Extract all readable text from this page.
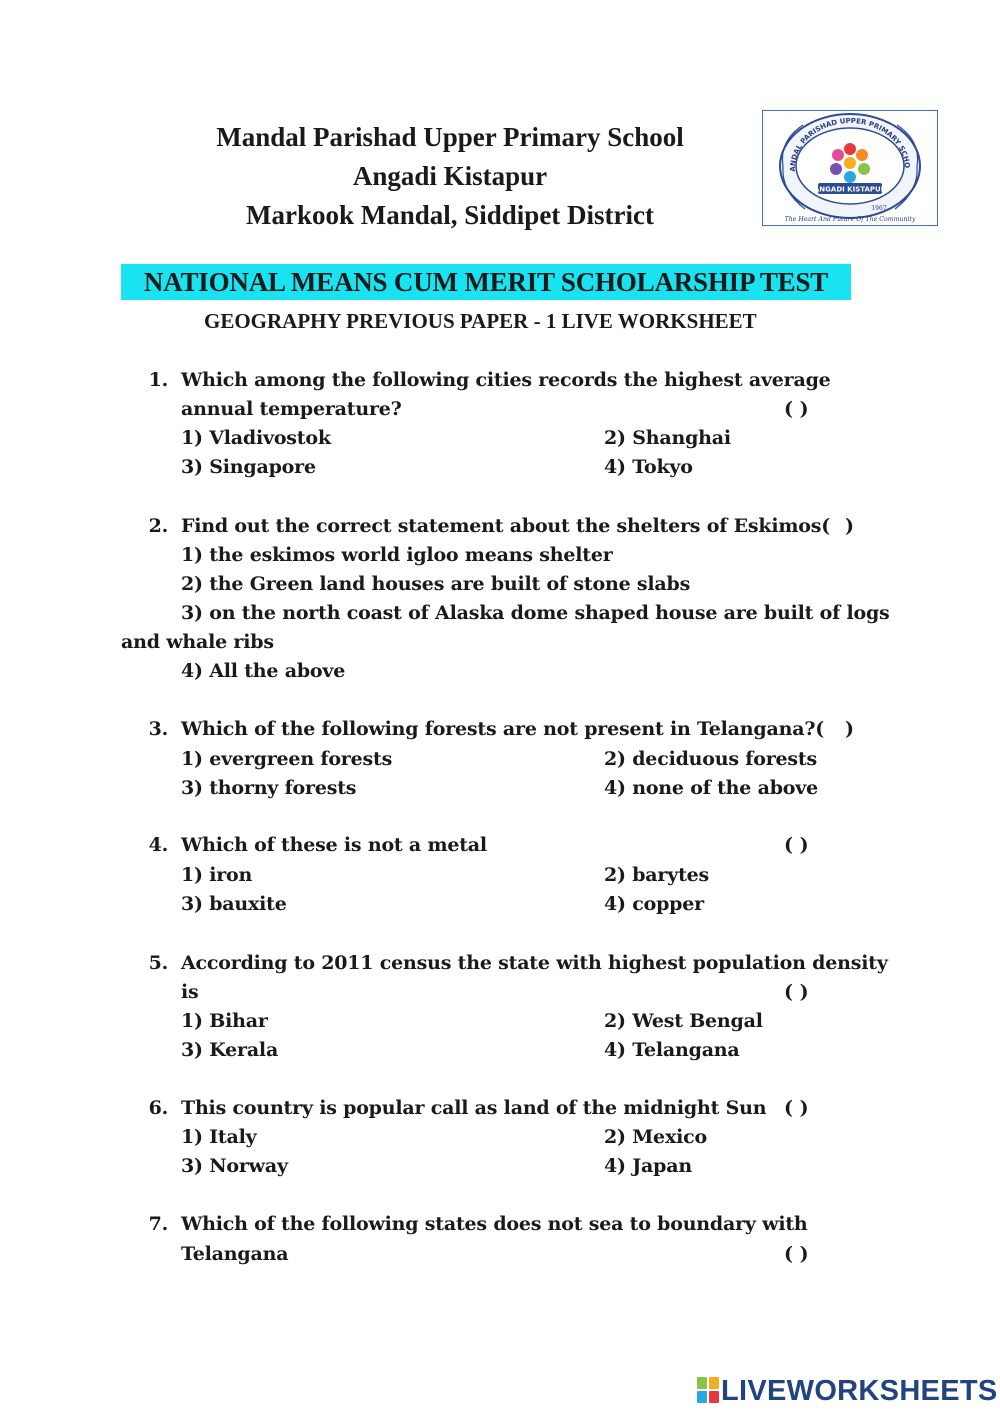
Mandal Parishad Upper Primary School
Angadi Kistapur
Markook Mandal, Siddipet District
ANDAL PARISHAD UPPER PRIMARY SCHO
ANGADI KISTAPUR
1967
The Heart And Future Of The Community
NATIONAL MEANS CUM MERIT SCHOLARSHIP TEST
GEOGRAPHY PREVIOUS PAPER - 1 LIVE WORKSHEET
1. Which among the following cities records the highest average
annual temperature?	( )
1) Vladivostok	2) Shanghai
3) Singapore	4) Tokyo
2. Find out the correct statement about the shelters of Eskimos( )
1) the eskimos world igloo means shelter
2) the Green land houses are built of stone slabs
3) on the north coast of Alaska dome shaped house are built of logs
and whale ribs
4) All the above
3. Which of the following forests are not present in Telangana?( )
1) evergreen forests	2) deciduous forests
3) thorny forests	4) none of the above
4. Which of these is not a metal	( )
1) iron	2) barytes
3) bauxite	4) copper
5. According to 2011 census the state with highest population density
is	( )
1) Bihar	2) West Bengal
3) Kerala	4) Telangana
6. This country is popular call as land of the midnight Sun ( )
1) Italy	2) Mexico
3) Norway	4) Japan
7. Which of the following states does not sea to boundary with
Telangana	( )
LIVEWORKSHEETS
